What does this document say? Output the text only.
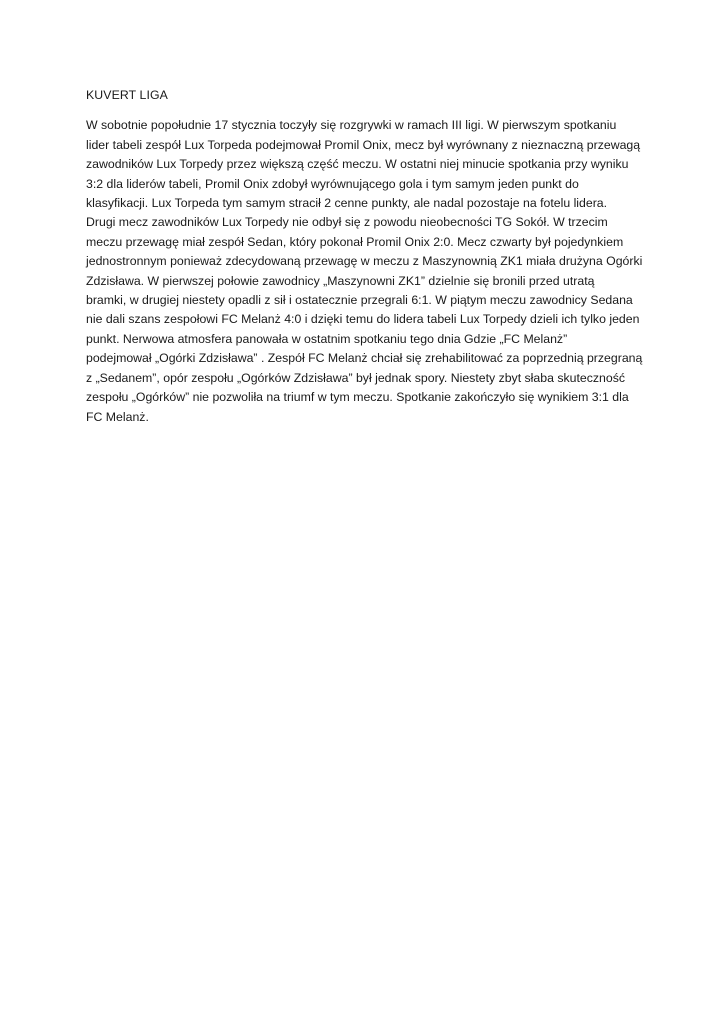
KUVERT LIGA

W sobotnie popołudnie 17 stycznia toczyły się rozgrywki w ramach III ligi. W pierwszym spotkaniu
lider tabeli zespół Lux Torpeda podejmował Promil Onix, mecz był wyrównany z nieznaczną przewagą
zawodników Lux Torpedy przez większą część meczu. W ostatni niej minucie spotkania przy wyniku
3:2 dla liderów tabeli, Promil Onix zdobył wyrównującego gola i tym samym jeden punkt do
klasyfikacji. Lux Torpeda tym samym stracił 2 cenne punkty, ale nadal pozostaje na fotelu lidera.
Drugi mecz zawodników Lux Torpedy nie odbył się z powodu nieobecności TG Sokół. W trzecim
meczu przewagę miał zespół Sedan, który pokonał Promil Onix 2:0. Mecz czwarty był pojedynkiem
jednostronnym ponieważ zdecydowaną przewagę w meczu z Maszynownią ZK1 miała drużyna Ogórki
Zdzisława. W pierwszej połowie zawodnicy „Maszynowni ZK1” dzielnie się bronili przed utratą
bramki, w drugiej niestety opadli z sił i ostatecznie przegrali 6:1. W piątym meczu zawodnicy Sedana
nie dali szans zespołowi FC Melanż 4:0 i dzięki temu do lidera tabeli Lux Torpedy dzieli ich tylko jeden
punkt. Nerwowa atmosfera panowała w ostatnim spotkaniu tego dnia Gdzie „FC Melanż”
podejmował „Ogórki Zdzisława” . Zespół FC Melanż chciał się zrehabilitować za poprzednią przegraną
z „Sedanem”, opór zespołu „Ogórków Zdzisława” był jednak spory. Niestety zbyt słaba skuteczność
zespołu „Ogórków” nie pozwoliła na triumf w tym meczu. Spotkanie zakończyło się wynikiem 3:1 dla
FC Melanż.
